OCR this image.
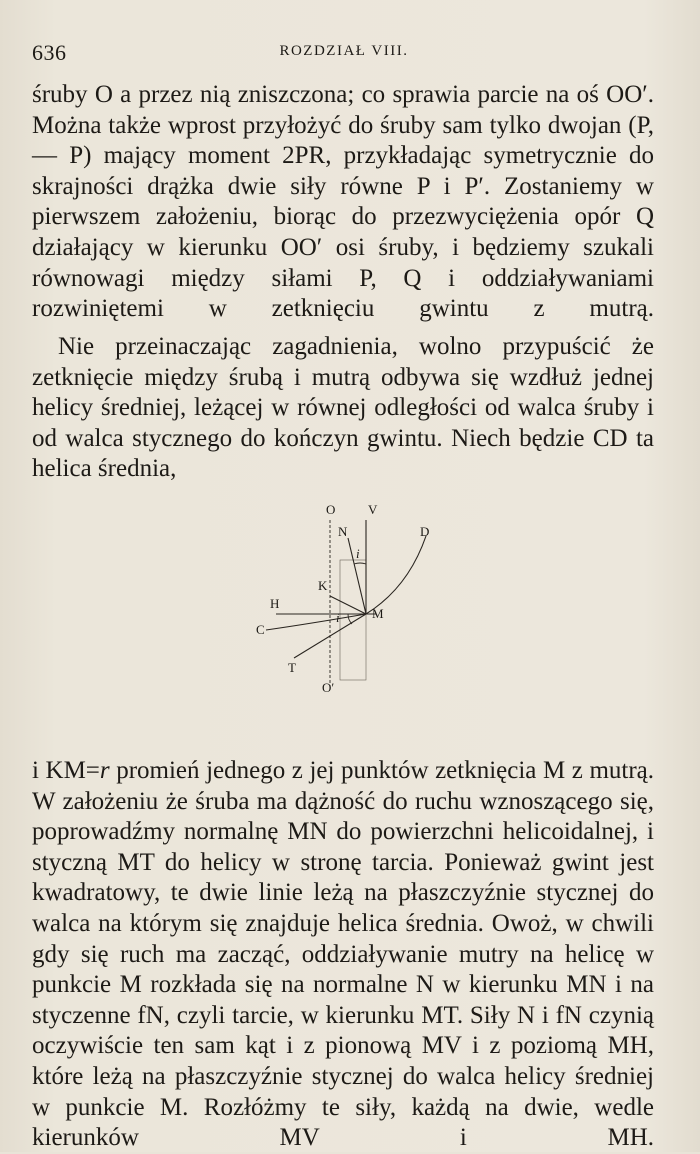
636	ROZDZIAŁ VIII.

śruby O a przez nią zniszczona; co sprawia parcie na oś OO′. Można także wprost przyłożyć do śruby sam tylko dwojan (P, — P) mający moment 2PR, przykładając symetrycznie do skrajności drążka dwie siły równe P i P′. Zostaniemy w pierwszem założeniu, biorąc do przezwyciężenia opór Q działający w kierunku OO′ osi śruby, i będziemy szukali równowagi między siłami P, Q i oddziaływaniami rozwiniętemi w zetknięciu gwintu z mutrą.

Nie przeinaczając zagadnienia, wolno przypuścić że zetknięcie między śrubą i mutrą odbywa się wzdłuż jednej helicy średniej, leżącej w równej odległości od walca śruby i od walca stycznego do kończyn gwintu. Niech będzie CD ta helica średnia,

O	V
N	D
i
K
H
i M
C
T
O′

i KM=r promień jednego z jej punktów zetknięcia M z mutrą. W założeniu że śruba ma dążność do ruchu wznoszącego się, poprowadźmy normalnę MN do powierzchni helicoidalnej, i styczną MT do helicy w stronę tarcia. Ponieważ gwint jest kwadratowy, te dwie linie leżą na płaszczyźnie stycznej do walca na którym się znajduje helica średnia. Owoż, w chwili gdy się ruch ma zacząć, oddziaływanie mutry na helicę w punkcie M rozkłada się na normalne N w kierunku MN i na styczenne fN, czyli tarcie, w kierunku MT. Siły N i fN czynią oczywiście ten sam kąt i z pionową MV i z poziomą MH, które leżą na płaszczyźnie stycznej do walca helicy średniej w punkcie M. Rozłóżmy te siły, każdą na dwie, wedle kierunków MV i MH.
